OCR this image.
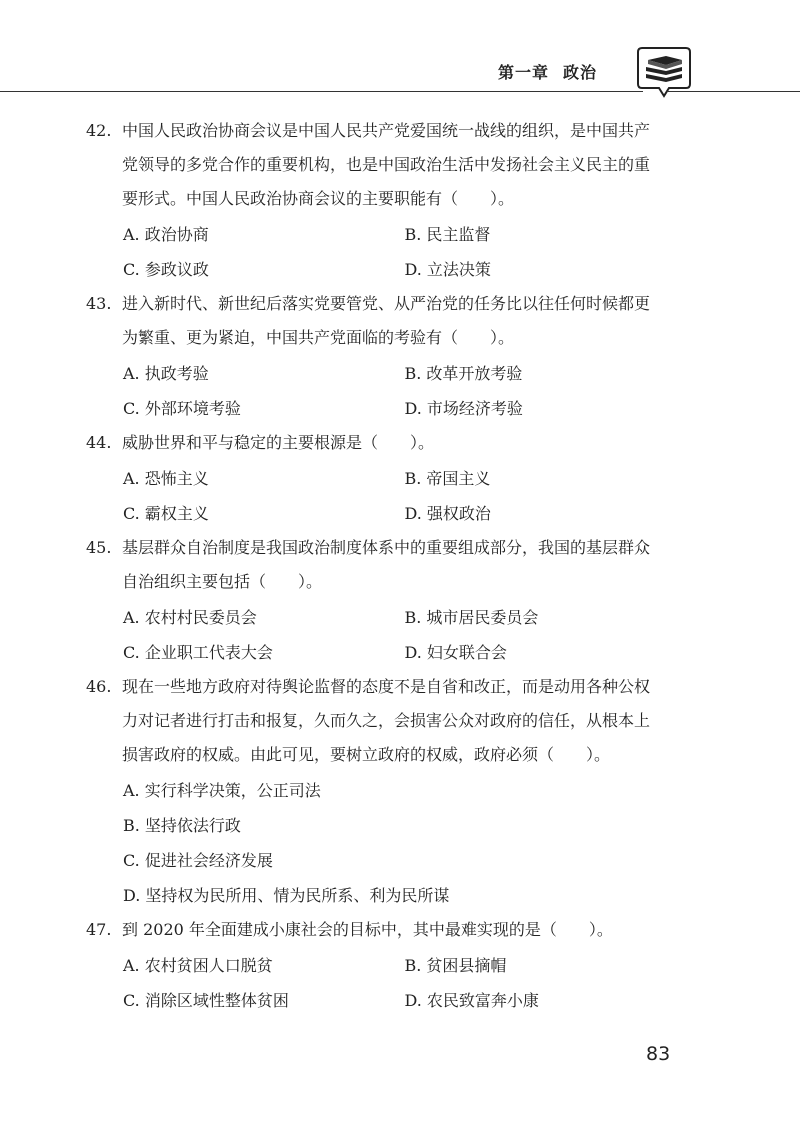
第一章 政治
42. 中国人民政治协商会议是中国人民共产党爱国统一战线的组织，是中国共产
党领导的多党合作的重要机构，也是中国政治生活中发扬社会主义民主的重
要形式。中国人民政治协商会议的主要职能有（　　）。
A. 政治协商	B. 民主监督
C. 参政议政	D. 立法决策
43. 进入新时代、新世纪后落实党要管党、从严治党的任务比以往任何时候都更
为繁重、更为紧迫，中国共产党面临的考验有（　　）。
A. 执政考验	B. 改革开放考验
C. 外部环境考验	D. 市场经济考验
44. 威胁世界和平与稳定的主要根源是（　　）。
A. 恐怖主义	B. 帝国主义
C. 霸权主义	D. 强权政治
45. 基层群众自治制度是我国政治制度体系中的重要组成部分，我国的基层群众
自治组织主要包括（　　）。
A. 农村村民委员会	B. 城市居民委员会
C. 企业职工代表大会	D. 妇女联合会
46. 现在一些地方政府对待舆论监督的态度不是自省和改正，而是动用各种公权
力对记者进行打击和报复，久而久之，会损害公众对政府的信任，从根本上
损害政府的权威。由此可见，要树立政府的权威，政府必须（　　）。
A. 实行科学决策，公正司法
B. 坚持依法行政
C. 促进社会经济发展
D. 坚持权为民所用、情为民所系、利为民所谋
47. 到 2020 年全面建成小康社会的目标中，其中最难实现的是（　　）。
A. 农村贫困人口脱贫	B. 贫困县摘帽
C. 消除区域性整体贫困	D. 农民致富奔小康
83
